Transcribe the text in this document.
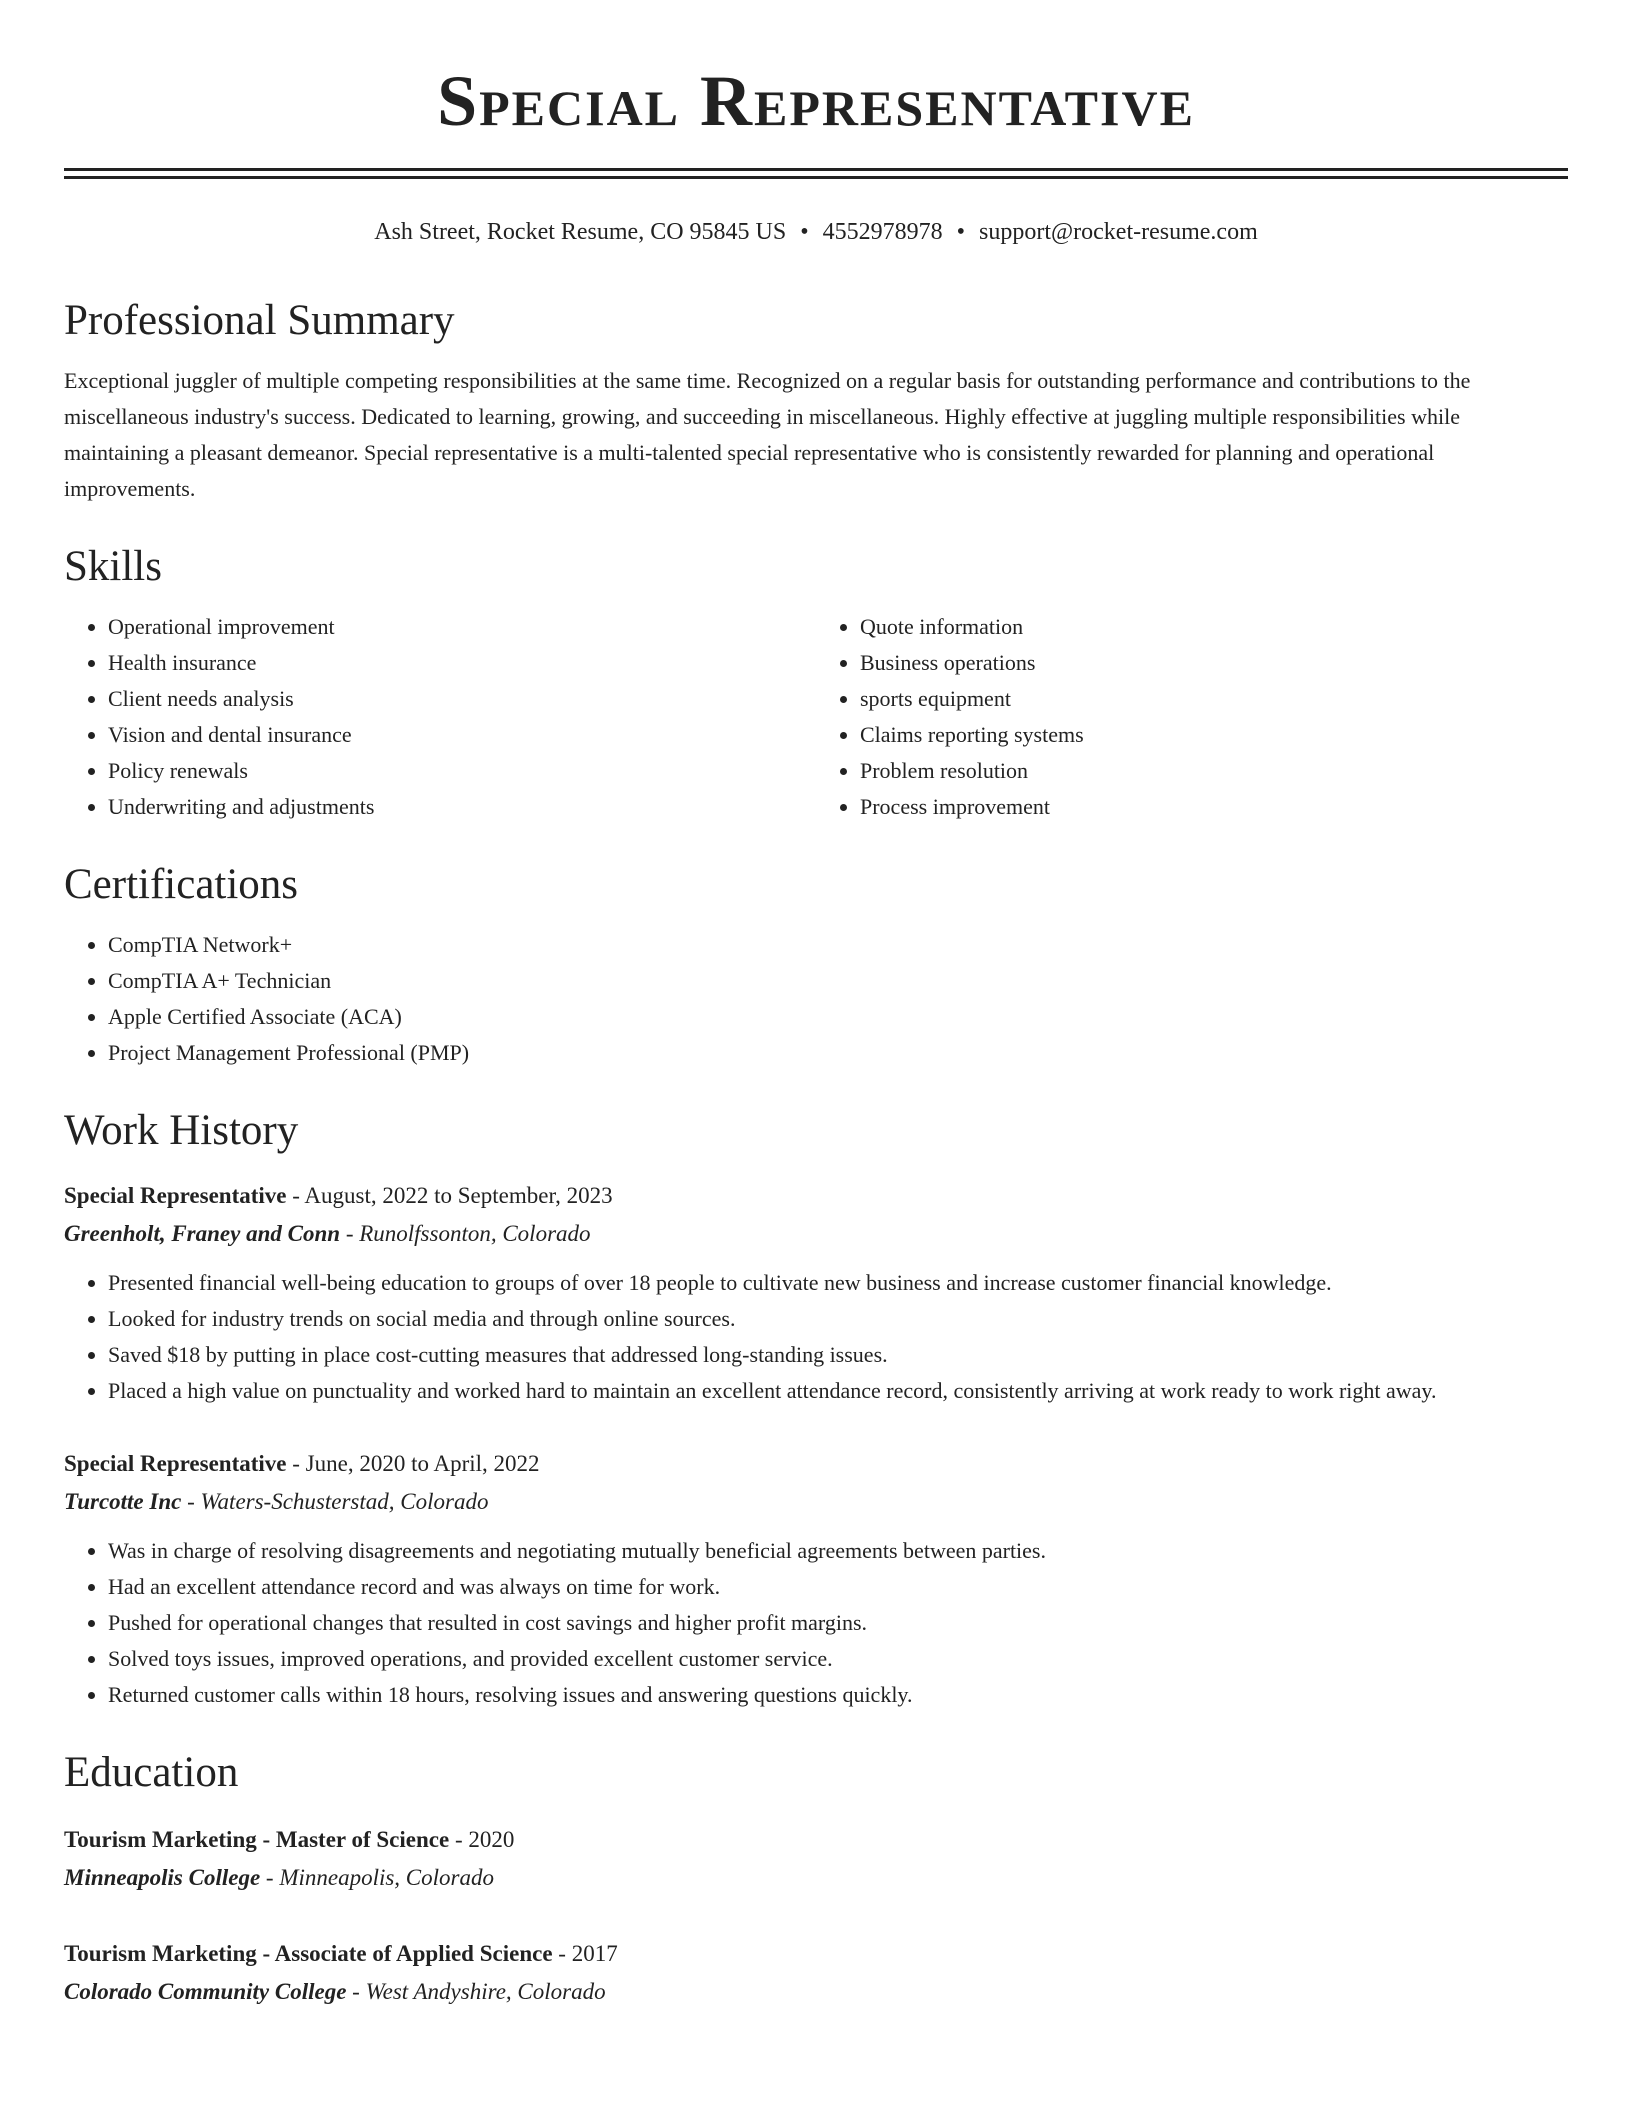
Special Representative
Ash Street, Rocket Resume, CO 95845 US • 4552978978 • support@rocket-resume.com
Professional Summary

Exceptional juggler of multiple competing responsibilities at the same time. Recognized on a regular basis for outstanding performance and contributions to the miscellaneous industry's success. Dedicated to learning, growing, and succeeding in miscellaneous. Highly effective at juggling multiple responsibilities while maintaining a pleasant demeanor. Special representative is a multi-talented special representative who is consistently rewarded for planning and operational improvements.

Skills
• Operational improvement
• Health insurance
• Client needs analysis
• Vision and dental insurance
• Policy renewals
• Underwriting and adjustments
• Quote information
• Business operations
• sports equipment
• Claims reporting systems
• Problem resolution
• Process improvement
Certifications
• CompTIA Network+
• CompTIA A+ Technician
• Apple Certified Associate (ACA)
• Project Management Professional (PMP)
Work History
Special Representative - August, 2022 to September, 2023
Greenholt, Franey and Conn - Runolfssonton, Colorado
• Presented financial well-being education to groups of over 18 people to cultivate new business and increase customer financial knowledge.
• Looked for industry trends on social media and through online sources.
• Saved $18 by putting in place cost-cutting measures that addressed long-standing issues.
• Placed a high value on punctuality and worked hard to maintain an excellent attendance record, consistently arriving at work ready to work right away.
Special Representative - June, 2020 to April, 2022
Turcotte Inc - Waters-Schusterstad, Colorado
• Was in charge of resolving disagreements and negotiating mutually beneficial agreements between parties.
• Had an excellent attendance record and was always on time for work.
• Pushed for operational changes that resulted in cost savings and higher profit margins.
• Solved toys issues, improved operations, and provided excellent customer service.
• Returned customer calls within 18 hours, resolving issues and answering questions quickly.
Education
Tourism Marketing - Master of Science - 2020
Minneapolis College - Minneapolis, Colorado
Tourism Marketing - Associate of Applied Science - 2017
Colorado Community College - West Andyshire, Colorado
